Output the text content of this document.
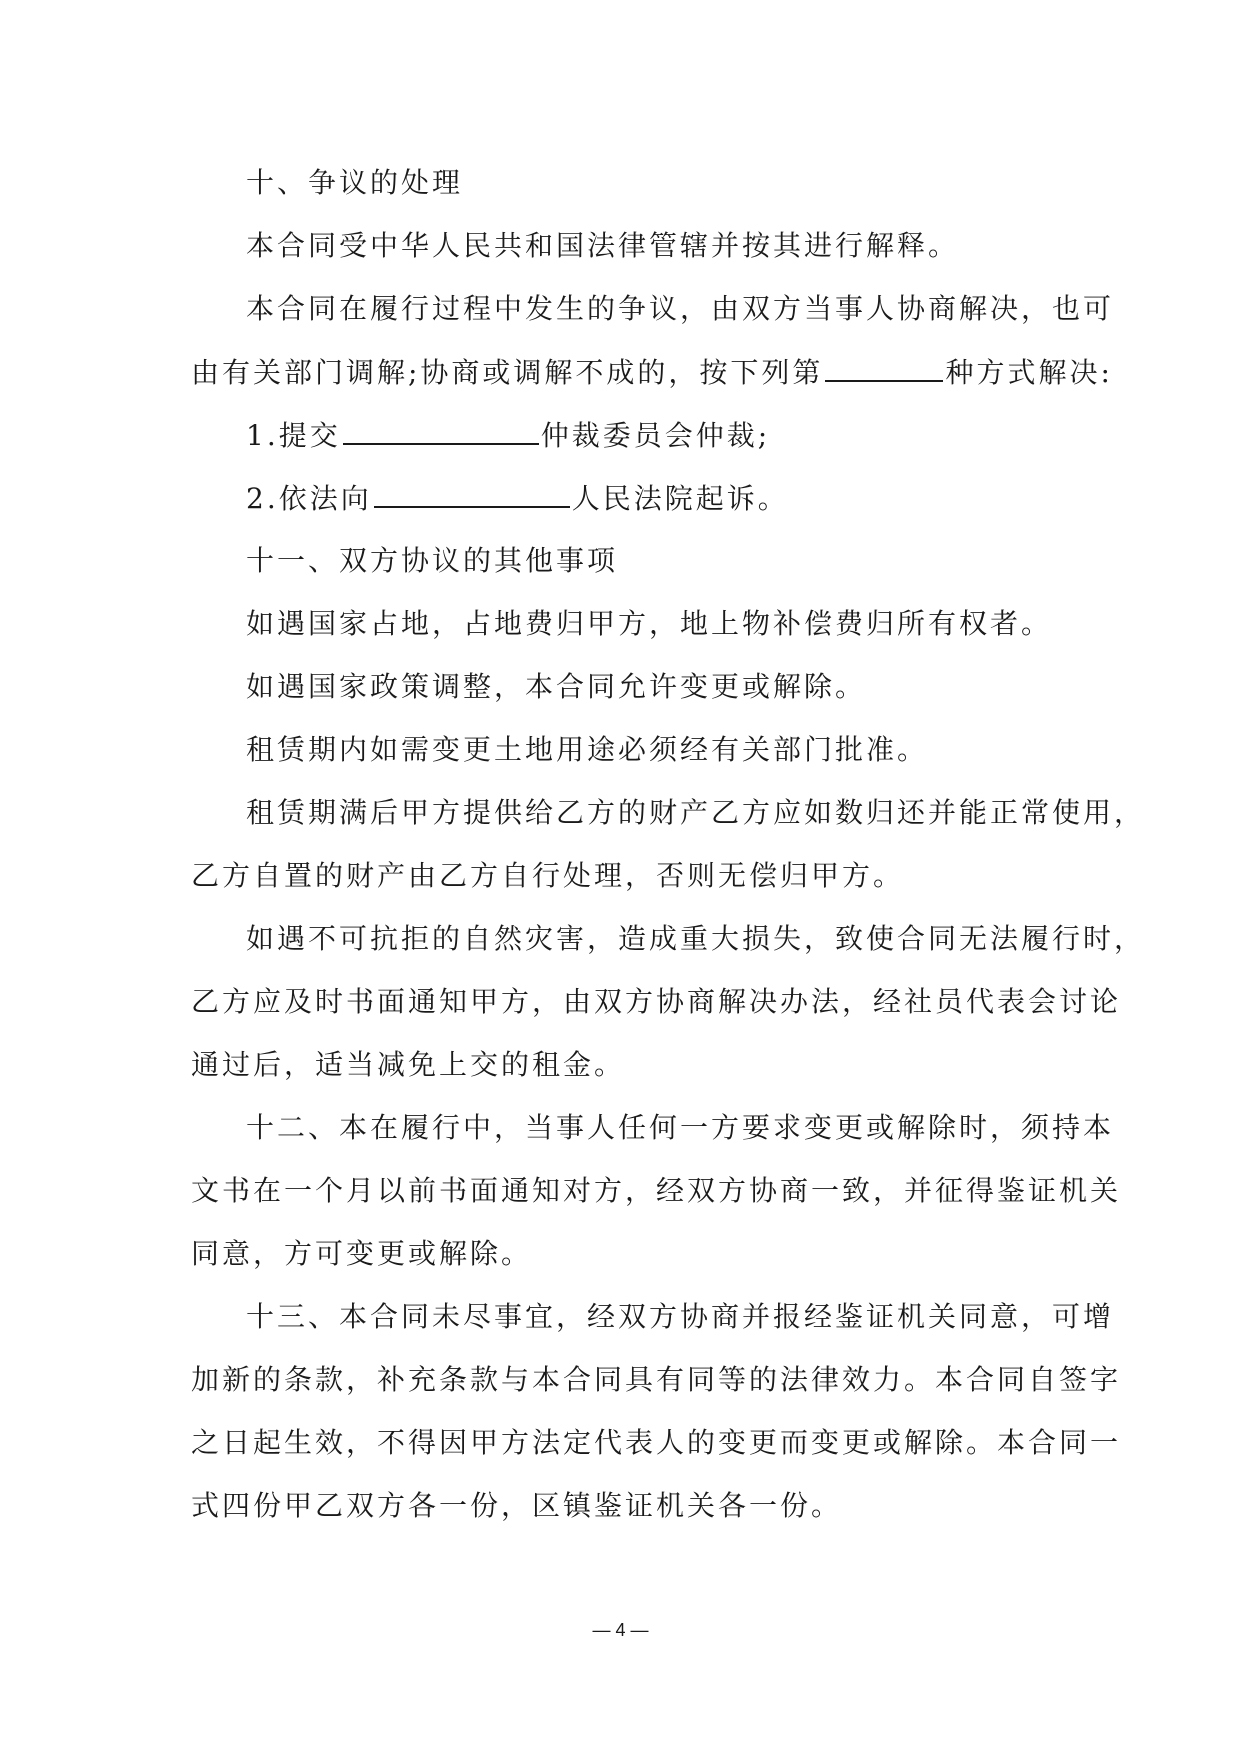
十、争议的处理
本合同受中华人民共和国法律管辖并按其进行解释。
本合同在履行过程中发生的争议，由双方当事人协商解决，也可
由有关部门调解;协商或调解不成的，按下列第	种方式解决:
1.提交	仲裁委员会仲裁;
2.依法向	人民法院起诉。
十一、双方协议的其他事项
如遇国家占地，占地费归甲方，地上物补偿费归所有权者。
如遇国家政策调整，本合同允许变更或解除。
租赁期内如需变更土地用途必须经有关部门批准。
租赁期满后甲方提供给乙方的财产乙方应如数归还并能正常使用，
乙方自置的财产由乙方自行处理，否则无偿归甲方。
如遇不可抗拒的自然灾害，造成重大损失，致使合同无法履行时，
乙方应及时书面通知甲方，由双方协商解决办法，经社员代表会讨论
通过后，适当减免上交的租金。
十二、本在履行中，当事人任何一方要求变更或解除时，须持本
文书在一个月以前书面通知对方，经双方协商一致，并征得鉴证机关
同意，方可变更或解除。
十三、本合同未尽事宜，经双方协商并报经鉴证机关同意，可增
加新的条款，补充条款与本合同具有同等的法律效力。本合同自签字
之日起生效，不得因甲方法定代表人的变更而变更或解除。本合同一
式四份甲乙双方各一份，区镇鉴证机关各一份。
— 4 —
